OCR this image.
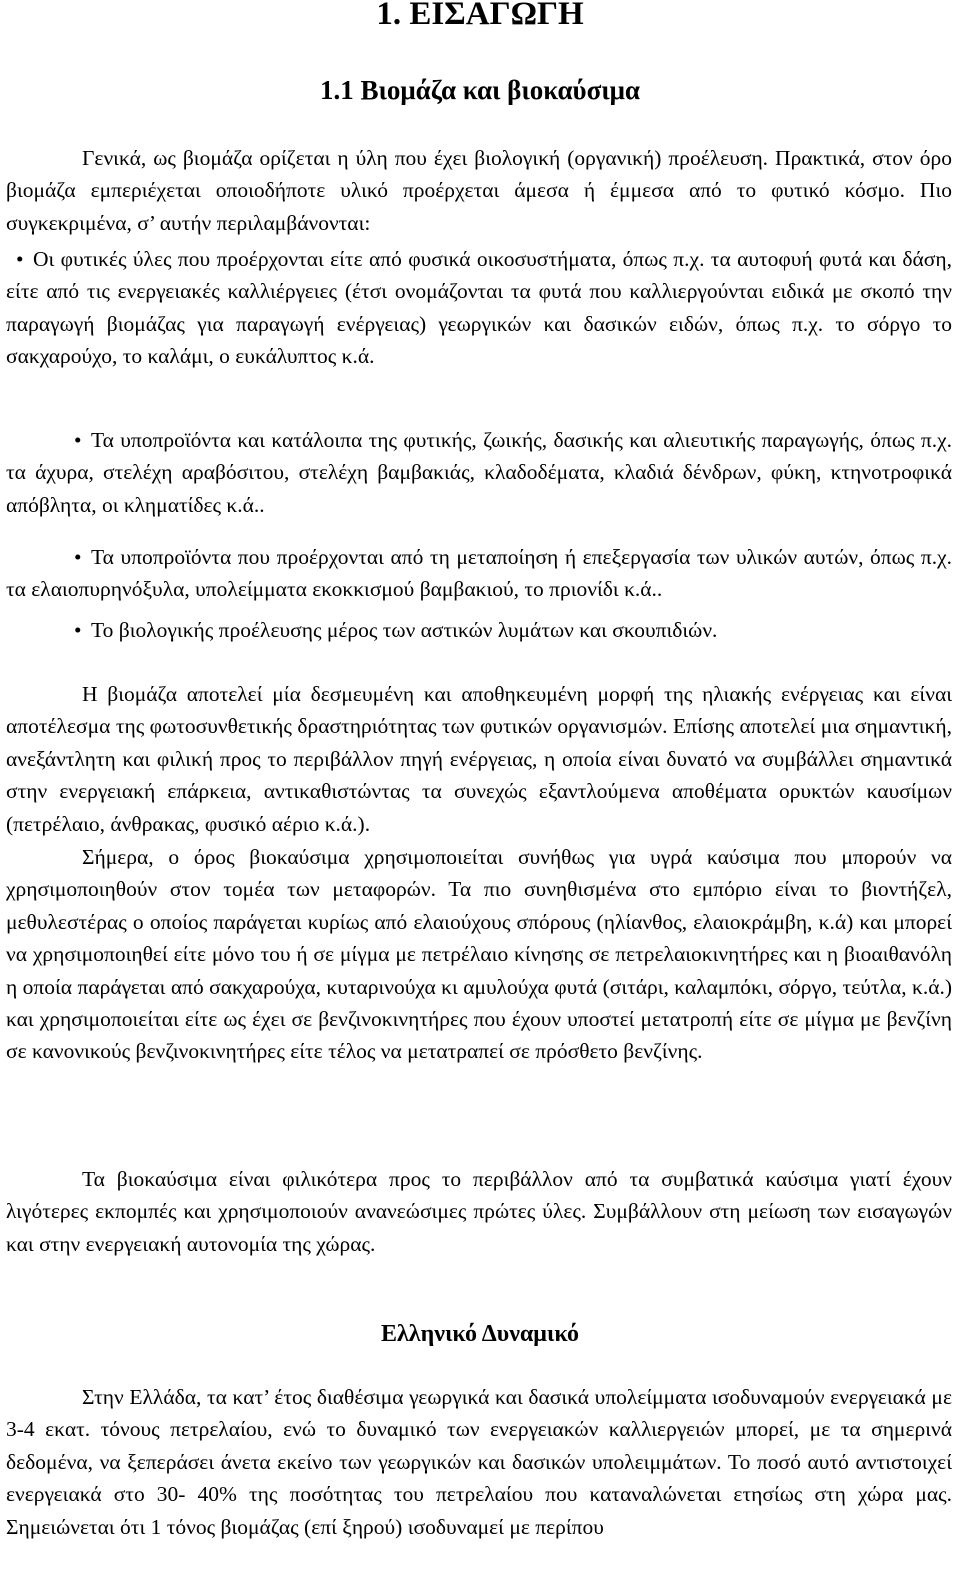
1. ΕΙΣΑΓΩΓΗ
1.1 Βιομάζα και βιοκαύσιμα

Γενικά, ως βιομάζα ορίζεται η ύλη που έχει βιολογική (οργανική) προέλευση. Πρακτικά, στον όρο βιομάζα εμπεριέχεται οποιοδήποτε υλικό προέρχεται άμεσα ή έμμεσα από το φυτικό κόσμο. Πιο συγκεκριμένα, σ’ αυτήν περιλαμβάνονται:

• Οι φυτικές ύλες που προέρχονται είτε από φυσικά οικοσυστήματα, όπως π.χ. τα αυτοφυή φυτά και δάση, είτε από τις ενεργειακές καλλιέργειες (έτσι ονομάζονται τα φυτά που καλλιεργούνται ειδικά με σκοπό την παραγωγή βιομάζας για παραγωγή ενέργειας) γεωργικών και δασικών ειδών, όπως π.χ. το σόργο το σακχαρούχο, το καλάμι, ο ευκάλυπτος κ.ά.

• Τα υποπροϊόντα και κατάλοιπα της φυτικής, ζωικής, δασικής και αλιευτικής παραγωγής, όπως π.χ. τα άχυρα, στελέχη αραβόσιτου, στελέχη βαμβακιάς, κλαδοδέματα, κλαδιά δένδρων, φύκη, κτηνοτροφικά απόβλητα, οι κληματίδες κ.ά..

• Τα υποπροϊόντα που προέρχονται από τη μεταποίηση ή επεξεργασία των υλικών αυτών, όπως π.χ. τα ελαιοπυρηνόξυλα, υπολείμματα εκοκκισμού βαμβακιού, το πριονίδι κ.ά..

• Το βιολογικής προέλευσης μέρος των αστικών λυμάτων και σκουπιδιών.

Η βιομάζα αποτελεί μία δεσμευμένη και αποθηκευμένη μορφή της ηλιακής ενέργειας και είναι αποτέλεσμα της φωτοσυνθετικής δραστηριότητας των φυτικών οργανισμών. Επίσης αποτελεί μια σημαντική, ανεξάντλητη και φιλική προς το περιβάλλον πηγή ενέργειας, η οποία είναι δυνατό να συμβάλλει σημαντικά στην ενεργειακή επάρκεια, αντικαθιστώντας τα συνεχώς εξαντλούμενα αποθέματα ορυκτών καυσίμων (πετρέλαιο, άνθρακας, φυσικό αέριο κ.ά.).

Σήμερα, ο όρος βιοκαύσιμα χρησιμοποιείται συνήθως για υγρά καύσιμα που μπορούν να χρησιμοποιηθούν στον τομέα των μεταφορών. Τα πιο συνηθισμένα στο εμπόριο είναι το βιοντήζελ, μεθυλεστέρας ο οποίος παράγεται κυρίως από ελαιούχους σπόρους (ηλίανθος, ελαιοκράμβη, κ.ά) και μπορεί να χρησιμοποιηθεί είτε μόνο του ή σε μίγμα με πετρέλαιο κίνησης σε πετρελαιοκινητήρες και η βιοαιθανόλη η οποία παράγεται από σακχαρούχα, κυταρινούχα κι αμυλούχα φυτά (σιτάρι, καλαμπόκι, σόργο, τεύτλα, κ.ά.) και χρησιμοποιείται είτε ως έχει σε βενζινοκινητήρες που έχουν υποστεί μετατροπή είτε σε μίγμα με βενζίνη σε κανονικούς βενζινοκινητήρες είτε τέλος να μετατραπεί σε πρόσθετο βενζίνης.

Τα βιοκαύσιμα είναι φιλικότερα προς το περιβάλλον από τα συμβατικά καύσιμα γιατί έχουν λιγότερες εκπομπές και χρησιμοποιούν ανανεώσιμες πρώτες ύλες. Συμβάλλουν στη μείωση των εισαγωγών και στην ενεργειακή αυτονομία της χώρας.

Ελληνικό Δυναμικό

Στην Ελλάδα, τα κατ’ έτος διαθέσιμα γεωργικά και δασικά υπολείμματα ισοδυναμούν ενεργειακά με 3-4 εκατ. τόνους πετρελαίου, ενώ το δυναμικό των ενεργειακών καλλιεργειών μπορεί, με τα σημερινά δεδομένα, να ξεπεράσει άνετα εκείνο των γεωργικών και δασικών υπολειμμάτων. Το ποσό αυτό αντιστοιχεί ενεργειακά στο 30- 40% της ποσότητας του πετρελαίου που καταναλώνεται ετησίως στη χώρα μας. Σημειώνεται ότι 1 τόνος βιομάζας (επί ξηρού) ισοδυναμεί με περίπου
